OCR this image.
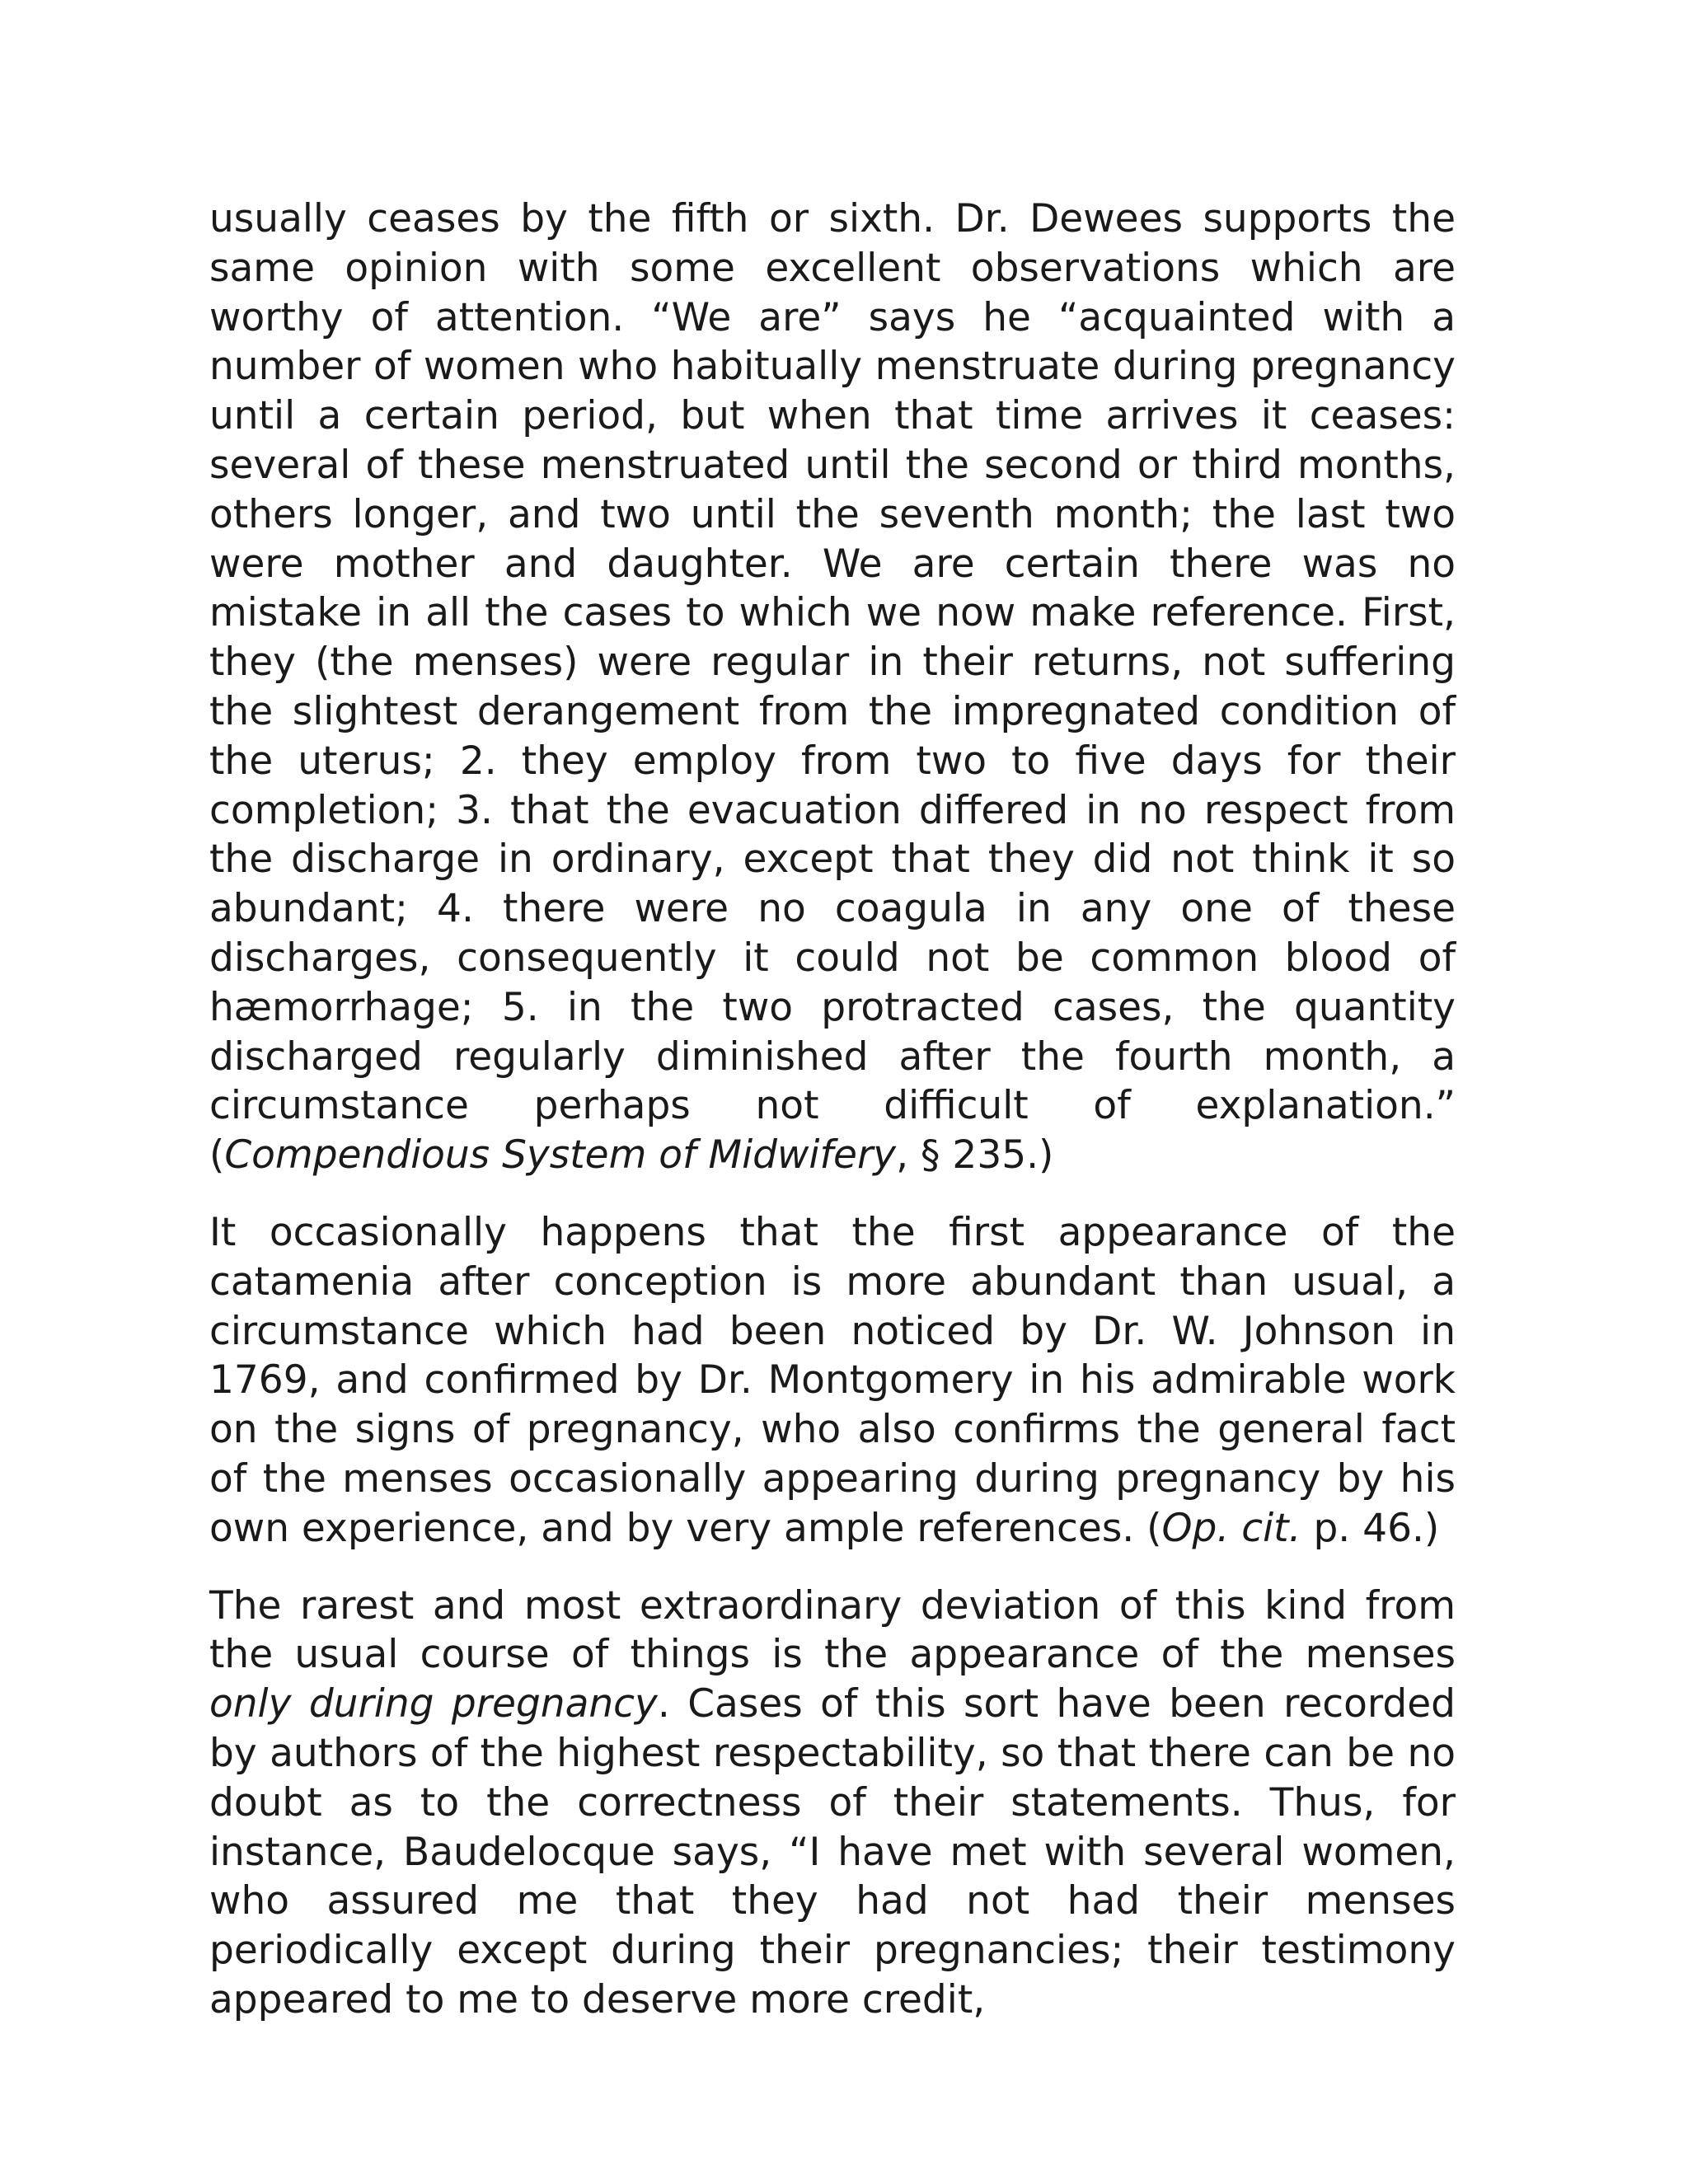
usually ceases by the fifth or sixth. Dr. Dewees supports the same opinion with some excellent observations which are worthy of attention. “We are” says he “acquainted with a number of women who habitually menstruate during pregnancy until a certain period, but when that time arrives it ceases: several of these menstruated until the second or third months, others longer, and two until the seventh month; the last two were mother and daughter. We are certain there was no mistake in all the cases to which we now make reference. First, they (the menses) were regular in their returns, not suffering the slightest derangement from the impregnated condition of the uterus; 2. they employ from two to five days for their completion; 3. that the evacuation differed in no respect from the discharge in ordinary, except that they did not think it so abundant; 4. there were no coagula in any one of these discharges, consequently it could not be common blood of hæmorrhage; 5. in the two protracted cases, the quantity discharged regularly diminished after the fourth month, a circumstance perhaps not difficult of explanation.” (Compendious System of Midwifery, § 235.)

It occasionally happens that the first appearance of the catamenia after conception is more abundant than usual, a circumstance which had been noticed by Dr. W. Johnson in 1769, and confirmed by Dr. Montgomery in his admirable work on the signs of pregnancy, who also confirms the general fact of the menses occasionally appearing during pregnancy by his own experience, and by very ample references. (Op. cit. p. 46.)

The rarest and most extraordinary deviation of this kind from the usual course of things is the appearance of the menses only during pregnancy. Cases of this sort have been recorded by authors of the highest respectability, so that there can be no doubt as to the correctness of their statements. Thus, for instance, Baudelocque says, “I have met with several women, who assured me that they had not had their menses periodically except during their pregnancies; their testimony appeared to me to deserve more credit,
